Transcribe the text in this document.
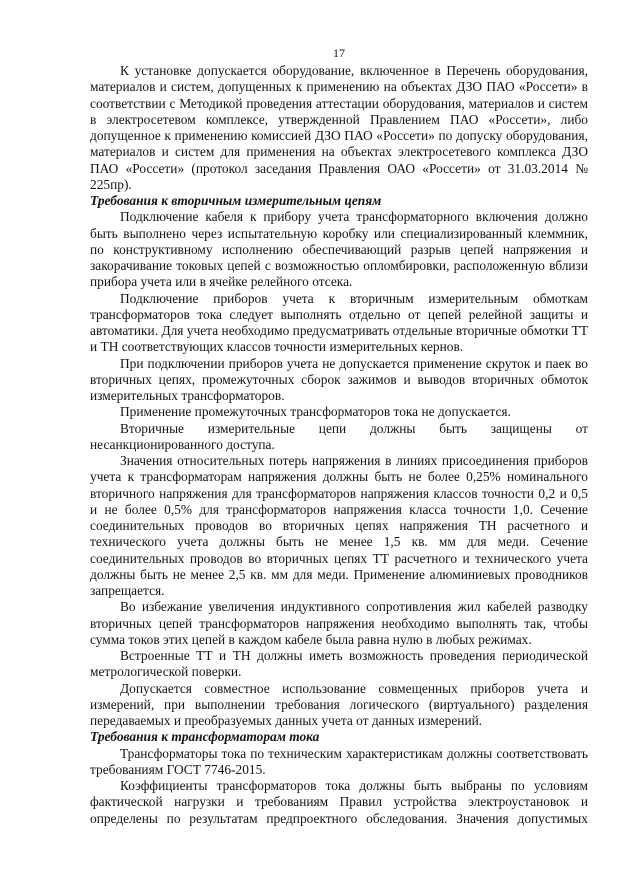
17

К установке допускается оборудование, включенное в Перечень оборудования, материалов и систем, допущенных к применению на объектах ДЗО ПАО «Россети» в соответствии с Методикой проведения аттестации оборудования, материалов и систем в электросетевом комплексе, утвержденной Правлением ПАО «Россети», либо допущенное к применению комиссией ДЗО ПАО «Россети» по допуску оборудования, материалов и систем для применения на объектах электросетевого комплекса ДЗО ПАО «Россети» (протокол заседания Правления ОАО «Россети» от 31.03.2014 № 225пр).

Требования к вторичным измерительным цепям

Подключение кабеля к прибору учета трансформаторного включения должно быть выполнено через испытательную коробку или специализированный клеммник, по конструктивному исполнению обеспечивающий разрыв цепей напряжения и закорачивание токовых цепей с возможностью опломбировки, расположенную вблизи прибора учета или в ячейке релейного отсека.

Подключение приборов учета к вторичным измерительным обмоткам трансформаторов тока следует выполнять отдельно от цепей релейной защиты и автоматики. Для учета необходимо предусматривать отдельные вторичные обмотки ТТ и ТН соответствующих классов точности измерительных кернов.

При подключении приборов учета не допускается применение скруток и паек во вторичных цепях, промежуточных сборок зажимов и выводов вторичных обмоток измерительных трансформаторов.

Применение промежуточных трансформаторов тока не допускается.

Вторичные измерительные цепи должны быть защищены от несанкционированного доступа.

Значения относительных потерь напряжения в линиях присоединения приборов учета к трансформаторам напряжения должны быть не более 0,25% номинального вторичного напряжения для трансформаторов напряжения классов точности 0,2 и 0,5 и не более 0,5% для трансформаторов напряжения класса точности 1,0. Сечение соединительных проводов во вторичных цепях напряжения ТН расчетного и технического учета должны быть не менее 1,5 кв. мм для меди. Сечение соединительных проводов во вторичных цепях ТТ расчетного и технического учета должны быть не менее 2,5 кв. мм для меди. Применение алюминиевых проводников запрещается.

Во избежание увеличения индуктивного сопротивления жил кабелей разводку вторичных цепей трансформаторов напряжения необходимо выполнять так, чтобы сумма токов этих цепей в каждом кабеле была равна нулю в любых режимах.

Встроенные ТТ и ТН должны иметь возможность проведения периодической метрологической поверки.

Допускается совместное использование совмещенных приборов учета и измерений, при выполнении требования логического (виртуального) разделения передаваемых и преобразуемых данных учета от данных измерений.

Требования к трансформаторам тока

Трансформаторы тока по техническим характеристикам должны соответствовать требованиям ГОСТ 7746-2015.

Коэффициенты трансформаторов тока должны быть выбраны по условиям фактической нагрузки и требованиям Правил устройства электроустановок и определены по результатам предпроектного обследования. Значения допустимых
